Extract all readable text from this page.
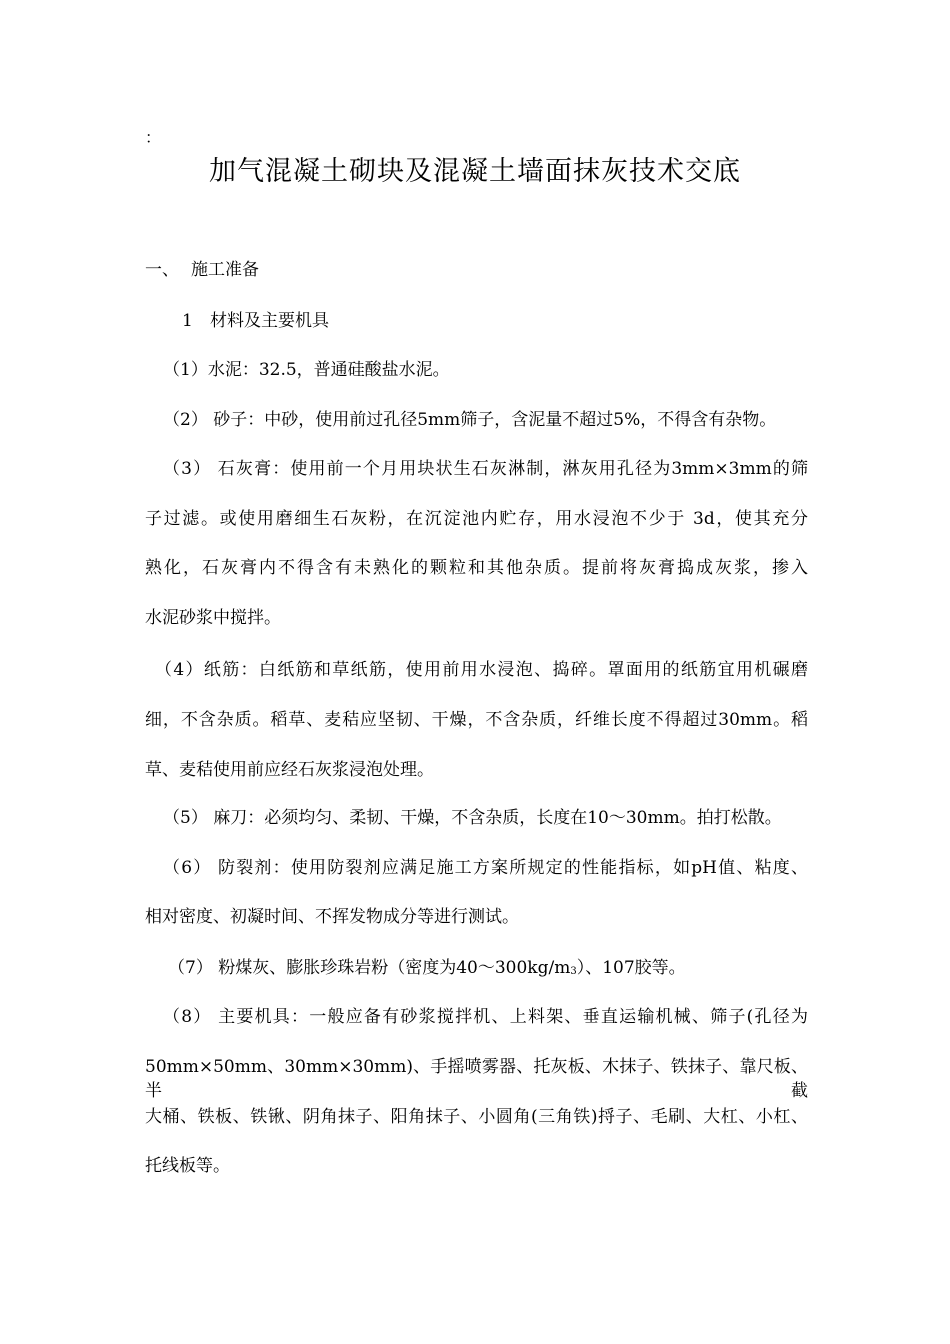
：
加气混凝土砌块及混凝土墙面抹灰技术交底
一、 施工准备
1 材料及主要机具
（1）水泥：32.5，普通硅酸盐水泥。
（2） 砂子：中砂，使用前过孔径5mm筛子，含泥量不超过5%，不得含有杂物。
（3） 石灰膏：使用前一个月用块状生石灰淋制，淋灰用孔径为3mm×3mm的筛
子过滤。或使用磨细生石灰粉，在沉淀池内贮存，用水浸泡不少于 3d，使其充分
熟化，石灰膏内不得含有未熟化的颗粒和其他杂质。提前将灰膏捣成灰浆，掺入
水泥砂浆中搅拌。
（4）纸筋：白纸筋和草纸筋，使用前用水浸泡、捣碎。罩面用的纸筋宜用机碾磨
细，不含杂质。稻草、麦秸应坚韧、干燥，不含杂质，纤维长度不得超过30mm。稻
草、麦秸使用前应经石灰浆浸泡处理。
（5） 麻刀：必须均匀、柔韧、干燥，不含杂质，长度在10～30mm。拍打松散。
（6） 防裂剂：使用防裂剂应满足施工方案所规定的性能指标，如pH值、粘度、
相对密度、初凝时间、不挥发物成分等进行测试。
（7） 粉煤灰、膨胀珍珠岩粉（密度为$40\sim 300kg/m_3$）、107胶等。
（8） 主要机具：一般应备有砂浆搅拌机、上料架、垂直运输机械、筛子(孔径为
50mm×50mm、30mm×30mm)、手摇喷雾器、托灰板、木抹子、铁抹子、靠尺板、半截
大桶、铁板、铁锹、阴角抹子、阳角抹子、小圆角(三角铁)捋子、毛刷、大杠、小杠、
托线板等。
